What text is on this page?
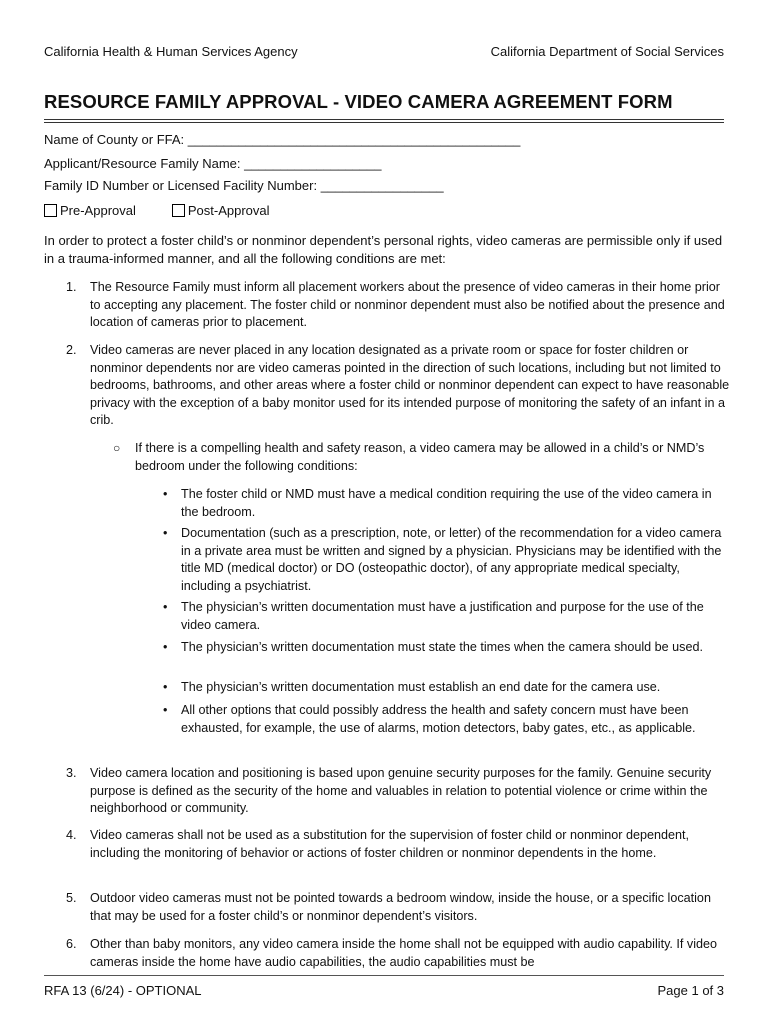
California Health & Human Services Agency	California Department of Social Services
RESOURCE FAMILY APPROVAL - VIDEO CAMERA AGREEMENT FORM
Name of County or FFA: ______________________________________________
Applicant/Resource Family Name: ___________________
Family ID Number or Licensed Facility Number: _________________
Pre-Approval	Post-Approval
In order to protect a foster child’s or nonminor dependent’s personal rights, video cameras are permissible only if used in a trauma-informed manner, and all the following conditions are met:
1. The Resource Family must inform all placement workers about the presence of video cameras in their home prior to accepting any placement. The foster child or nonminor dependent must also be notified about the presence and location of cameras prior to placement.
2. Video cameras are never placed in any location designated as a private room or space for foster children or nonminor dependents nor are video cameras pointed in the direction of such locations, including but not limited to bedrooms, bathrooms, and other areas where a foster child or nonminor dependent can expect to have reasonable privacy with the exception of a baby monitor used for its intended purpose of monitoring the safety of an infant in a crib.
○ If there is a compelling health and safety reason, a video camera may be allowed in a child’s or NMD’s bedroom under the following conditions:
• The foster child or NMD must have a medical condition requiring the use of the video camera in the bedroom.
• Documentation (such as a prescription, note, or letter) of the recommendation for a video camera in a private area must be written and signed by a physician. Physicians may be identified with the title MD (medical doctor) or DO (osteopathic doctor), of any appropriate medical specialty, including a psychiatrist.
• The physician’s written documentation must have a justification and purpose for the use of the video camera.
• The physician’s written documentation must state the times when the camera should be used.
• The physician’s written documentation must establish an end date for the camera use.
• All other options that could possibly address the health and safety concern must have been exhausted, for example, the use of alarms, motion detectors, baby gates, etc., as applicable.
3. Video camera location and positioning is based upon genuine security purposes for the family. Genuine security purpose is defined as the security of the home and valuables in relation to potential violence or crime within the neighborhood or community.
4. Video cameras shall not be used as a substitution for the supervision of foster child or nonminor dependent, including the monitoring of behavior or actions of foster children or nonminor dependents in the home.
5. Outdoor video cameras must not be pointed towards a bedroom window, inside the house, or a specific location that may be used for a foster child’s or nonminor dependent’s visitors.
6. Other than baby monitors, any video camera inside the home shall not be equipped with audio capability. If video cameras inside the home have audio capabilities, the audio capabilities must be
RFA 13 (6/24) - OPTIONAL	Page 1 of 3
